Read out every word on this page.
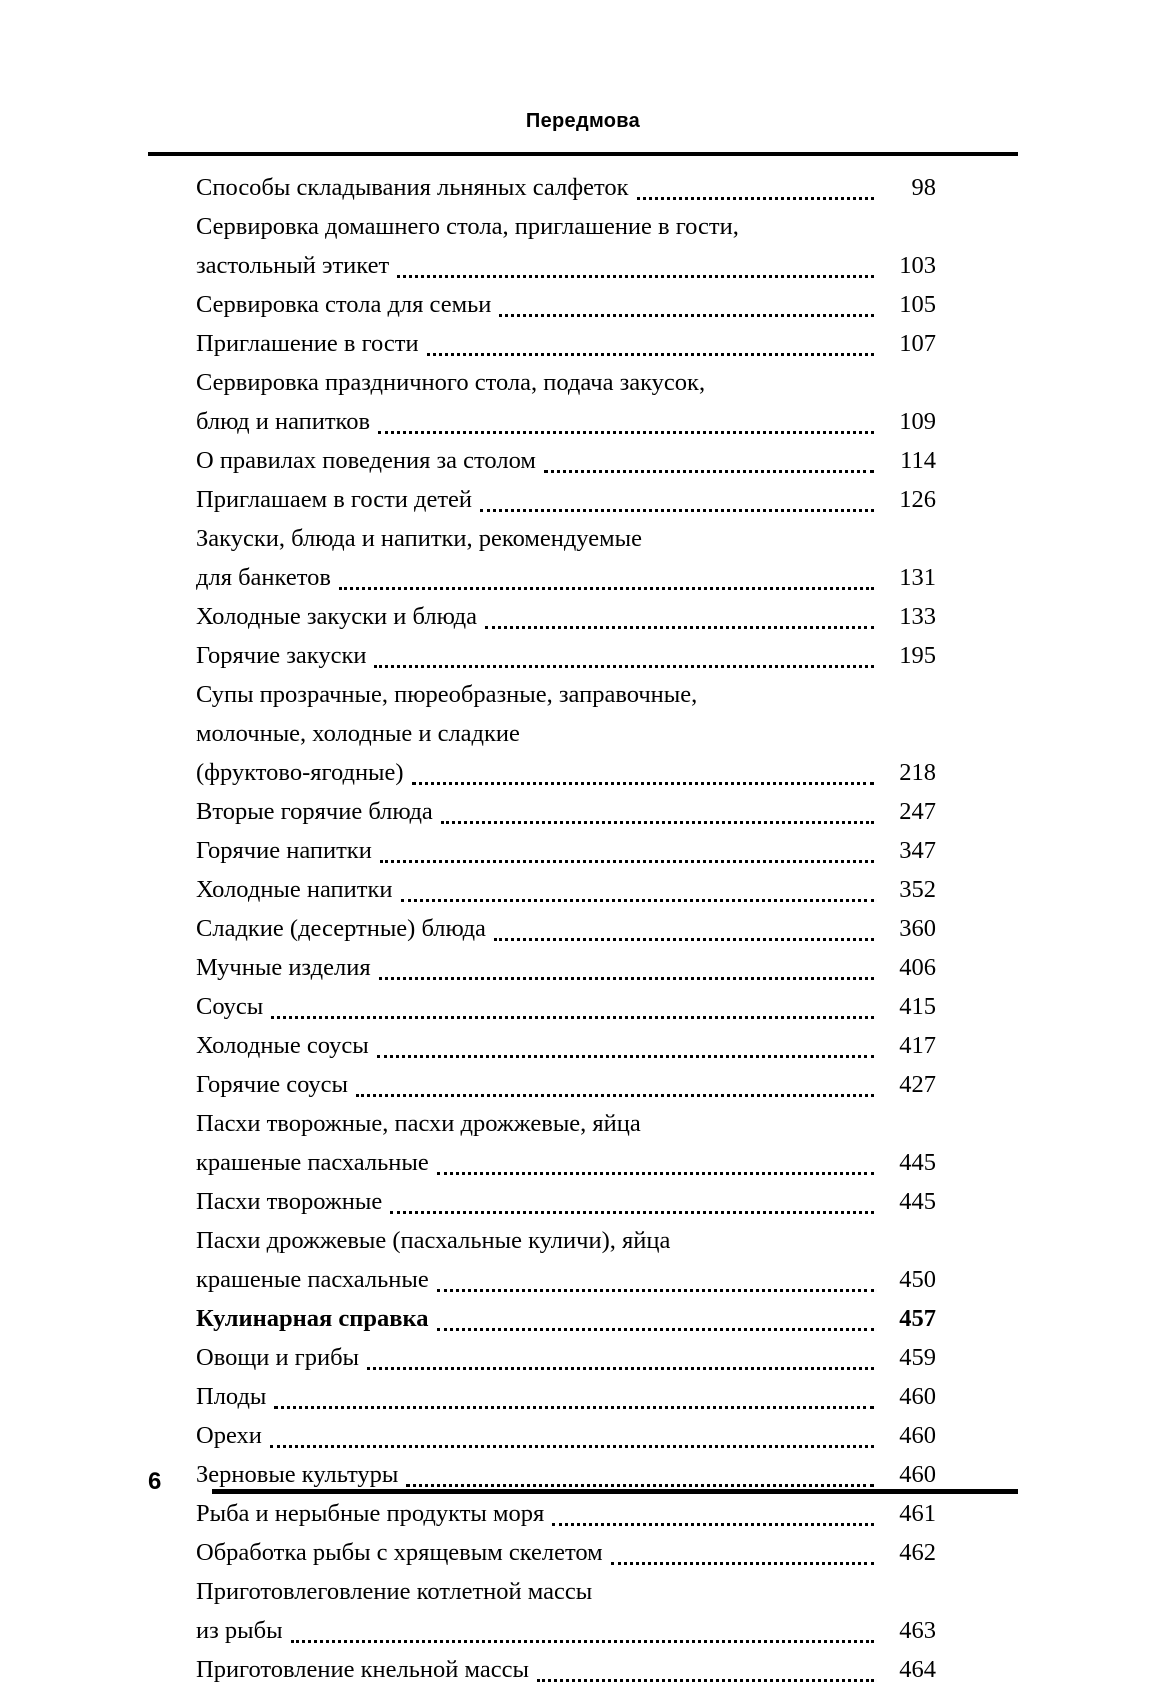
Передмова
Способы складывания льняных салфеток	98
Сервировка домашнего стола, приглашение в гости,
застольный этикет	103
Сервировка стола для семьи	105
Приглашение в гости	107
Сервировка праздничного стола, подача закусок,
блюд и напитков	109
О правилах поведения за столом	114
Приглашаем в гости детей	126
Закуски, блюда и напитки, рекомендуемые
для банкетов	131
Холодные закуски и блюда	133
Горячие закуски	195
Супы прозрачные, пюреобразные, заправочные,
молочные, холодные и сладкие
(фруктово-ягодные)	218
Вторые горячие блюда	247
Горячие напитки	347
Холодные напитки	352
Сладкие (десертные) блюда	360
Мучные изделия	406
Соусы	415
Холодные соусы	417
Горячие соусы	427
Пасхи творожные, пасхи дрожжевые, яйца
крашеные пасхальные	445
Пасхи творожные	445
Пасхи дрожжевые (пасхальные куличи), яйца
крашеные пасхальные	450
Кулинарная справка	457
Овощи и грибы	459
Плоды	460
Орехи	460
Зерновые культуры	460
Рыба и нерыбные продукты моря	461
Обработка рыбы с хрящевым скелетом	462
Приготовлеговление котлетной массы
из рыбы	463
Приготовление кнельной массы	464
6
